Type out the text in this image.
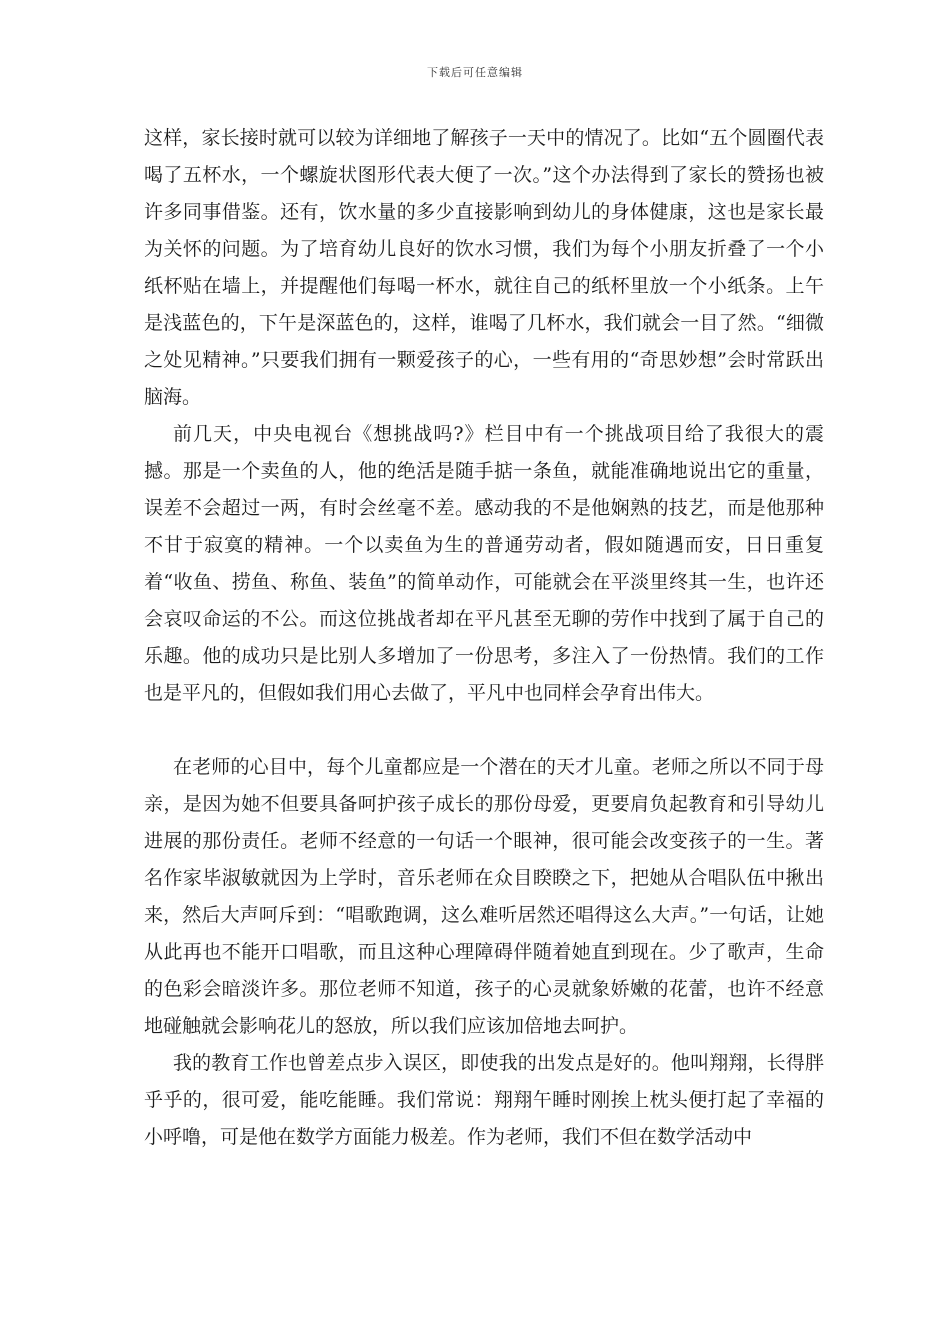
下载后可任意编辑

这样，家长接时就可以较为详细地了解孩子一天中的情况了。比如“五个圆圈代表喝了五杯水，一个螺旋状图形代表大便了一次。”这个办法得到了家长的赞扬也被许多同事借鉴。还有，饮水量的多少直接影响到幼儿的身体健康，这也是家长最为关怀的问题。为了培育幼儿良好的饮水习惯，我们为每个小朋友折叠了一个小纸杯贴在墙上，并提醒他们每喝一杯水，就往自己的纸杯里放一个小纸条。上午是浅蓝色的，下午是深蓝色的，这样，谁喝了几杯水，我们就会一目了然。“细微之处见精神。”只要我们拥有一颗爱孩子的心，一些有用的“奇思妙想”会时常跃出脑海。

前几天，中央电视台《想挑战吗?》栏目中有一个挑战项目给了我很大的震撼。那是一个卖鱼的人，他的绝活是随手掂一条鱼，就能准确地说出它的重量，误差不会超过一两，有时会丝毫不差。感动我的不是他娴熟的技艺，而是他那种不甘于寂寞的精神。一个以卖鱼为生的普通劳动者，假如随遇而安，日日重复着“收鱼、捞鱼、称鱼、装鱼”的简单动作，可能就会在平淡里终其一生，也许还会哀叹命运的不公。而这位挑战者却在平凡甚至无聊的劳作中找到了属于自己的乐趣。他的成功只是比别人多增加了一份思考，多注入了一份热情。我们的工作也是平凡的，但假如我们用心去做了，平凡中也同样会孕育出伟大。

在老师的心目中，每个儿童都应是一个潜在的天才儿童。老师之所以不同于母亲，是因为她不但要具备呵护孩子成长的那份母爱，更要肩负起教育和引导幼儿进展的那份责任。老师不经意的一句话一个眼神，很可能会改变孩子的一生。著名作家毕淑敏就因为上学时，音乐老师在众目睽睽之下，把她从合唱队伍中揪出来，然后大声呵斥到：“唱歌跑调，这么难听居然还唱得这么大声。”一句话，让她从此再也不能开口唱歌，而且这种心理障碍伴随着她直到现在。少了歌声，生命的色彩会暗淡许多。那位老师不知道，孩子的心灵就象娇嫩的花蕾，也许不经意地碰触就会影响花儿的怒放，所以我们应该加倍地去呵护。

我的教育工作也曾差点步入误区，即使我的出发点是好的。他叫翔翔，长得胖乎乎的，很可爱，能吃能睡。我们常说：翔翔午睡时刚挨上枕头便打起了幸福的小呼噜，可是他在数学方面能力极差。作为老师，我们不但在数学活动中
